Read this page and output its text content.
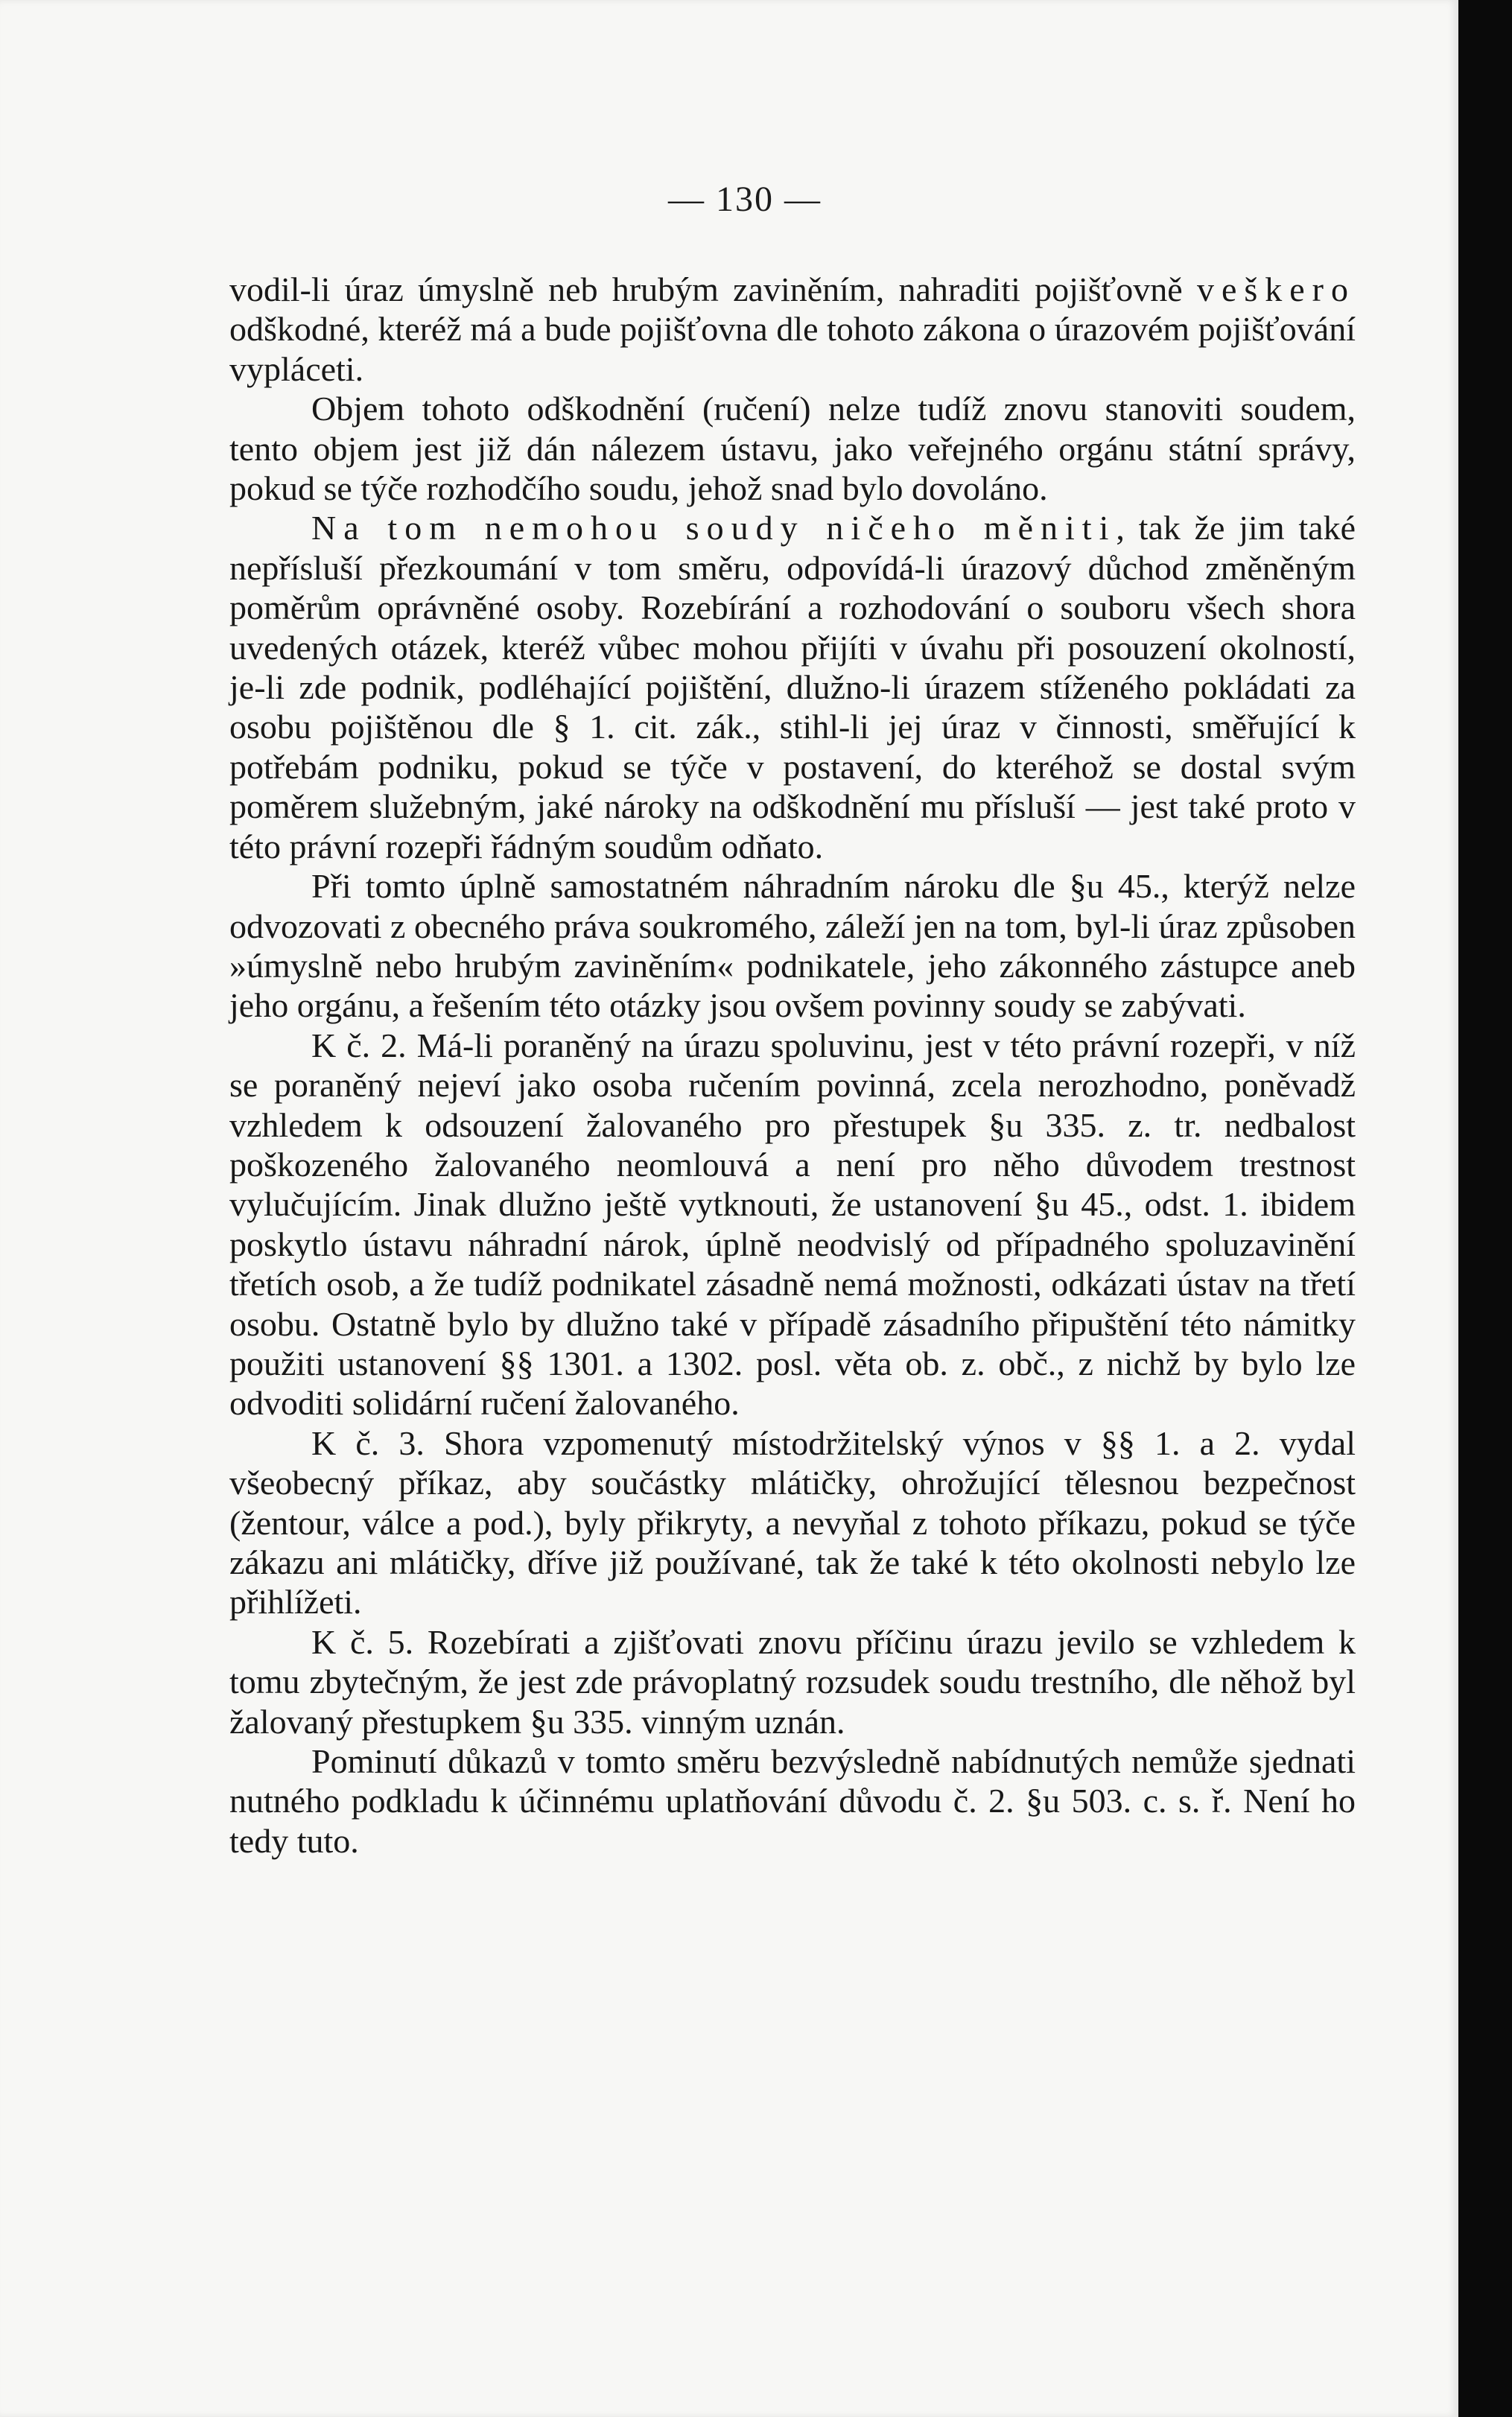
— 130 —

vodil-li úraz úmyslně neb hrubým zaviněním, nahraditi pojišťovně veškero odškodné, kteréž má a bude pojišťovna dle tohoto zákona o úrazovém pojišťování vypláceti.

Objem tohoto odškodnění (ručení) nelze tudíž znovu stanoviti soudem, tento objem jest již dán nálezem ústavu, jako veřejného orgánu státní správy, pokud se týče rozhodčího soudu, jehož snad bylo dovoláno.

Na tom nemohou soudy ničeho měniti, tak že jim také nepřísluší přezkoumání v tom směru, odpovídá-li úrazový důchod změněným poměrům oprávněné osoby. Rozebírání a rozhodování o souboru všech shora uvedených otázek, kteréž vůbec mohou přijíti v úvahu při posouzení okolností, je-li zde podnik, podléhající pojištění, dlužno-li úrazem stíženého pokládati za osobu pojištěnou dle § 1. cit. zák., stihl-li jej úraz v činnosti, směřující k potřebám podniku, pokud se týče v postavení, do kteréhož se dostal svým poměrem služebným, jaké nároky na odškodnění mu přísluší — jest také proto v této právní rozepři řádným soudům odňato.

Při tomto úplně samostatném náhradním nároku dle §u 45., kterýž nelze odvozovati z obecného práva soukromého, záleží jen na tom, byl-li úraz způsoben »úmyslně nebo hrubým zaviněním« podnikatele, jeho zákonného zástupce aneb jeho orgánu, a řešením této otázky jsou ovšem povinny soudy se zabývati.

K č. 2. Má-li poraněný na úrazu spoluvinu, jest v této právní rozepři, v níž se poraněný nejeví jako osoba ručením povinná, zcela nerozhodno, poněvadž vzhledem k odsouzení žalovaného pro přestupek §u 335. z. tr. nedbalost poškozeného žalovaného neomlouvá a není pro něho důvodem trestnost vylučujícím. Jinak dlužno ještě vytknouti, že ustanovení §u 45., odst. 1. ibidem poskytlo ústavu náhradní nárok, úplně neodvislý od případného spoluzavinění třetích osob, a že tudíž podnikatel zásadně nemá možnosti, odkázati ústav na třetí osobu. Ostatně bylo by dlužno také v případě zásadního připuštění této námitky použiti ustanovení §§ 1301. a 1302. posl. věta ob. z. obč., z nichž by bylo lze odvoditi solidární ručení žalovaného.

K č. 3. Shora vzpomenutý místodržitelský výnos v §§ 1. a 2. vydal všeobecný příkaz, aby součástky mlátičky, ohrožující tělesnou bezpečnost (žentour, válce a pod.), byly přikryty, a nevyňal z tohoto příkazu, pokud se týče zákazu ani mlátičky, dříve již používané, tak že také k této okolnosti nebylo lze přihlížeti.

K č. 5. Rozebírati a zjišťovati znovu příčinu úrazu jevilo se vzhledem k tomu zbytečným, že jest zde právoplatný rozsudek soudu trestního, dle něhož byl žalovaný přestupkem §u 335. vinným uznán.

Pominutí důkazů v tomto směru bezvýsledně nabídnutých nemůže sjednati nutného podkladu k účinnému uplatňování důvodu č. 2. §u 503. c. s. ř. Není ho tedy tuto.
